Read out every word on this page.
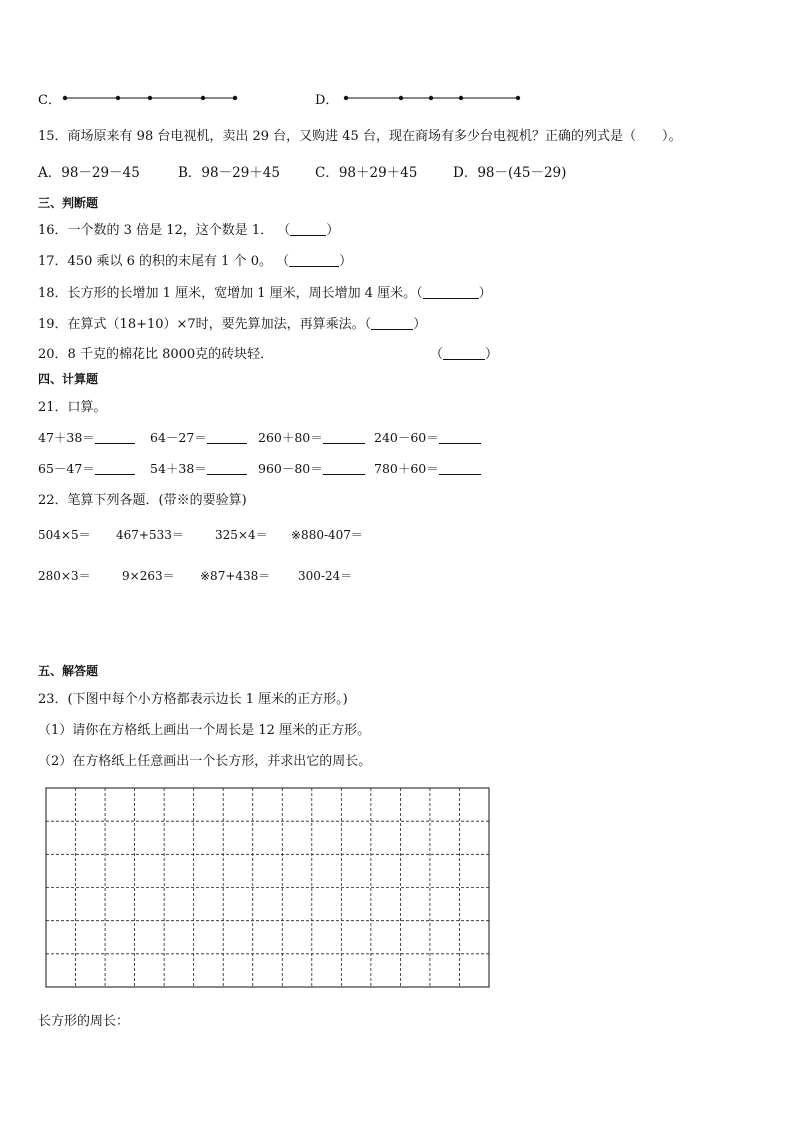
C．	D．
15．商场原来有 98 台电视机，卖出 29 台，又购进 45 台，现在商场有多少台电视机？正确的列式是（　　）。
A．98－29－45	B．98－29＋45	C．98＋29＋45	D．98－(45－29)
三、判断题
16．一个数的 3 倍是 12，这个数是 1． （	）
17．450 乘以 6 的积的末尾有 1 个 0。 （	）
18．长方形的长增加 1 厘米，宽增加 1 厘米，周长增加 4 厘米。（	）
19．在算式（18+10）×7时，要先算加法，再算乘法。（	）
20．8 千克的棉花比 8000克的砖块轻．	（	）
四、计算题
21．口算。
47＋38＝	64－27＝	260＋80＝	240－60＝
65－47＝	54＋38＝	960－80＝	780＋60＝
22．笔算下列各题．(带※的要验算)
504×5＝ 467+533＝	325×4＝ ※880-407＝
280×3＝	9×263＝ ※87+438＝ 300-24＝
五、解答题
23．(下图中每个小方格都表示边长 1 厘米的正方形。)
（1）请你在方格纸上画出一个周长是 12 厘米的正方形。
（2）在方格纸上任意画出一个长方形，并求出它的周长。
长方形的周长：
